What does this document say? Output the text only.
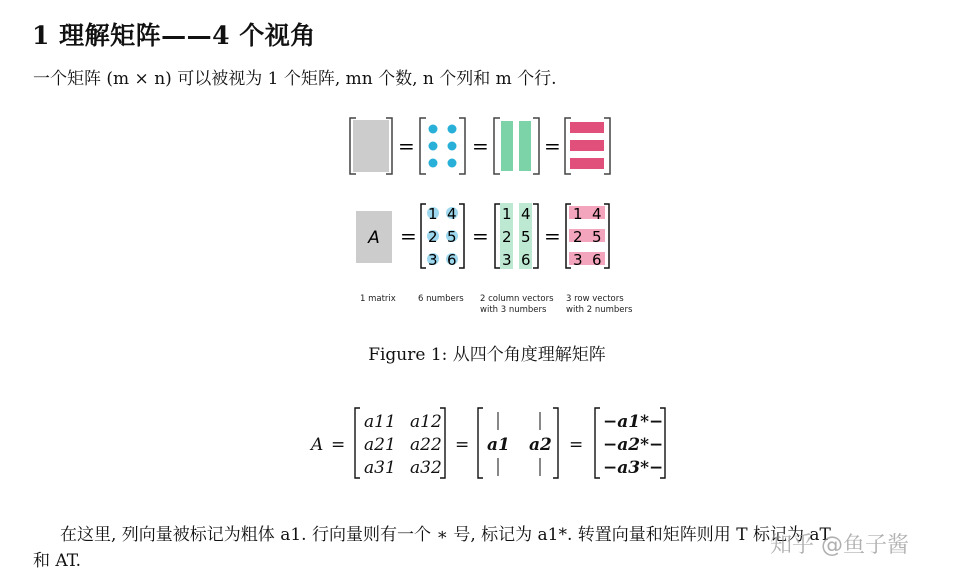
1 理解矩阵——4 个视角
一个矩阵 (m × n) 可以被视为 1 个矩阵, mn 个数, n 个列和 m 个行.
=	=	=
A =
1 4
2 5
3 6
=
1 4
2 5
3 6
=
1 4
2 5
3 6
1 matrix	6 numbers 2 column vectors
with 3 numbers
3 row vectors
with 2 numbers
Figure 1: 从四个角度理解矩阵
A =
a11 a12
a21 a22
a31 a32
= a1 a2 =
−a1*−
−a2*−
−a3*−
在这里, 列向量被标记为粗体 a1. 行向量则有一个 ∗ 号, 标记为 a1*. 转置向量和矩阵则用 T 标记为 aT
和 AT.
知乎 @鱼子酱
